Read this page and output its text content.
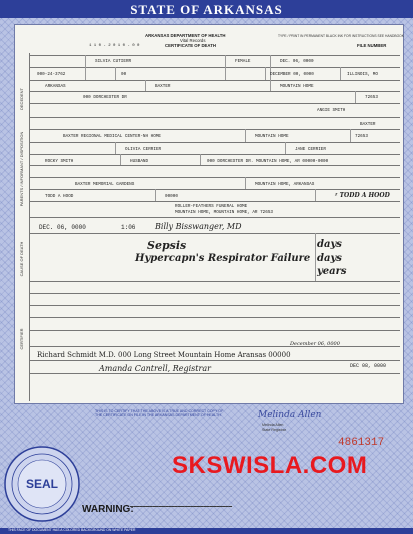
STATE OF ARKANSAS
ARKANSAS DEPARTMENT OF HEALTH
Vital Records
CERTIFICATE OF DEATH
1 1 0 - 2 0 1 0 - 0 0
TYPE / PRINT IN PERMANENT BLACK INK FOR INSTRUCTIONS SEE HANDBOOK
FILE NUMBER
DECEDENT
PARENTS / INFORMANT / DISPOSITION
CAUSE OF DEATH
CERTIFIER
SILVIA CUTIERR	FEMALE	DEC. 06, 0000
000-24-3762	00	DECEMBER 00, 0000	ILLINOIS, MO
ARKANSAS	BAXTER	MOUNTAIN HOME
000 DORCHESTER DR	72653
ANGIE SMITH
BAXTER
BAXTER REGIONAL MEDICAL CENTER-NH HOME	MOUNTAIN HOME	72653
OLIVIA CERRIER	JANE CERRIER
ROCKY SMITH	HUSBAND	000 DORCHESTER DR. MOUNTAIN HOME, AR 00000-0000
BAXTER MEMORIAL GARDENS	MOUNTAIN HOME, ARKANSAS
ᵡ TODD A HOOD
TODD A HOOD	00000
ROLLER-FEATHERS FUNERAL HOME
MOUNTAIN HOME, MOUNTAIN HOME, AR 72653
DEC. 06, 0000	1:06 Billy Bisswanger, MD
Sepsis
Hypercapn's Respirator Failure
days
days
years
December 06, 0000
Richard Schmidt M.D. 000 Long Street Mountain Home Aransas 00000
Amanda Cantrell, Registrar	DEC 08, 0000
THIS IS TO CERTIFY THAT THE ABOVE IS A TRUE AND CORRECT COPY OF THE CERTIFICATE ON FILE IN THE ARKANSAS DEPARTMENT OF HEALTH.
SEAL
Melinda Allen
Melinda Allen
State Registrar
4861317
SKSWISLA.COM
WARNING:
▬▬▬▬▬▬▬▬▬▬▬▬▬▬▬▬▬▬▬▬▬▬▬▬▬▬▬▬▬▬▬▬
THIS FACE OF DOCUMENT HAS A COLORED BACKGROUND ON WHITE PAPER
